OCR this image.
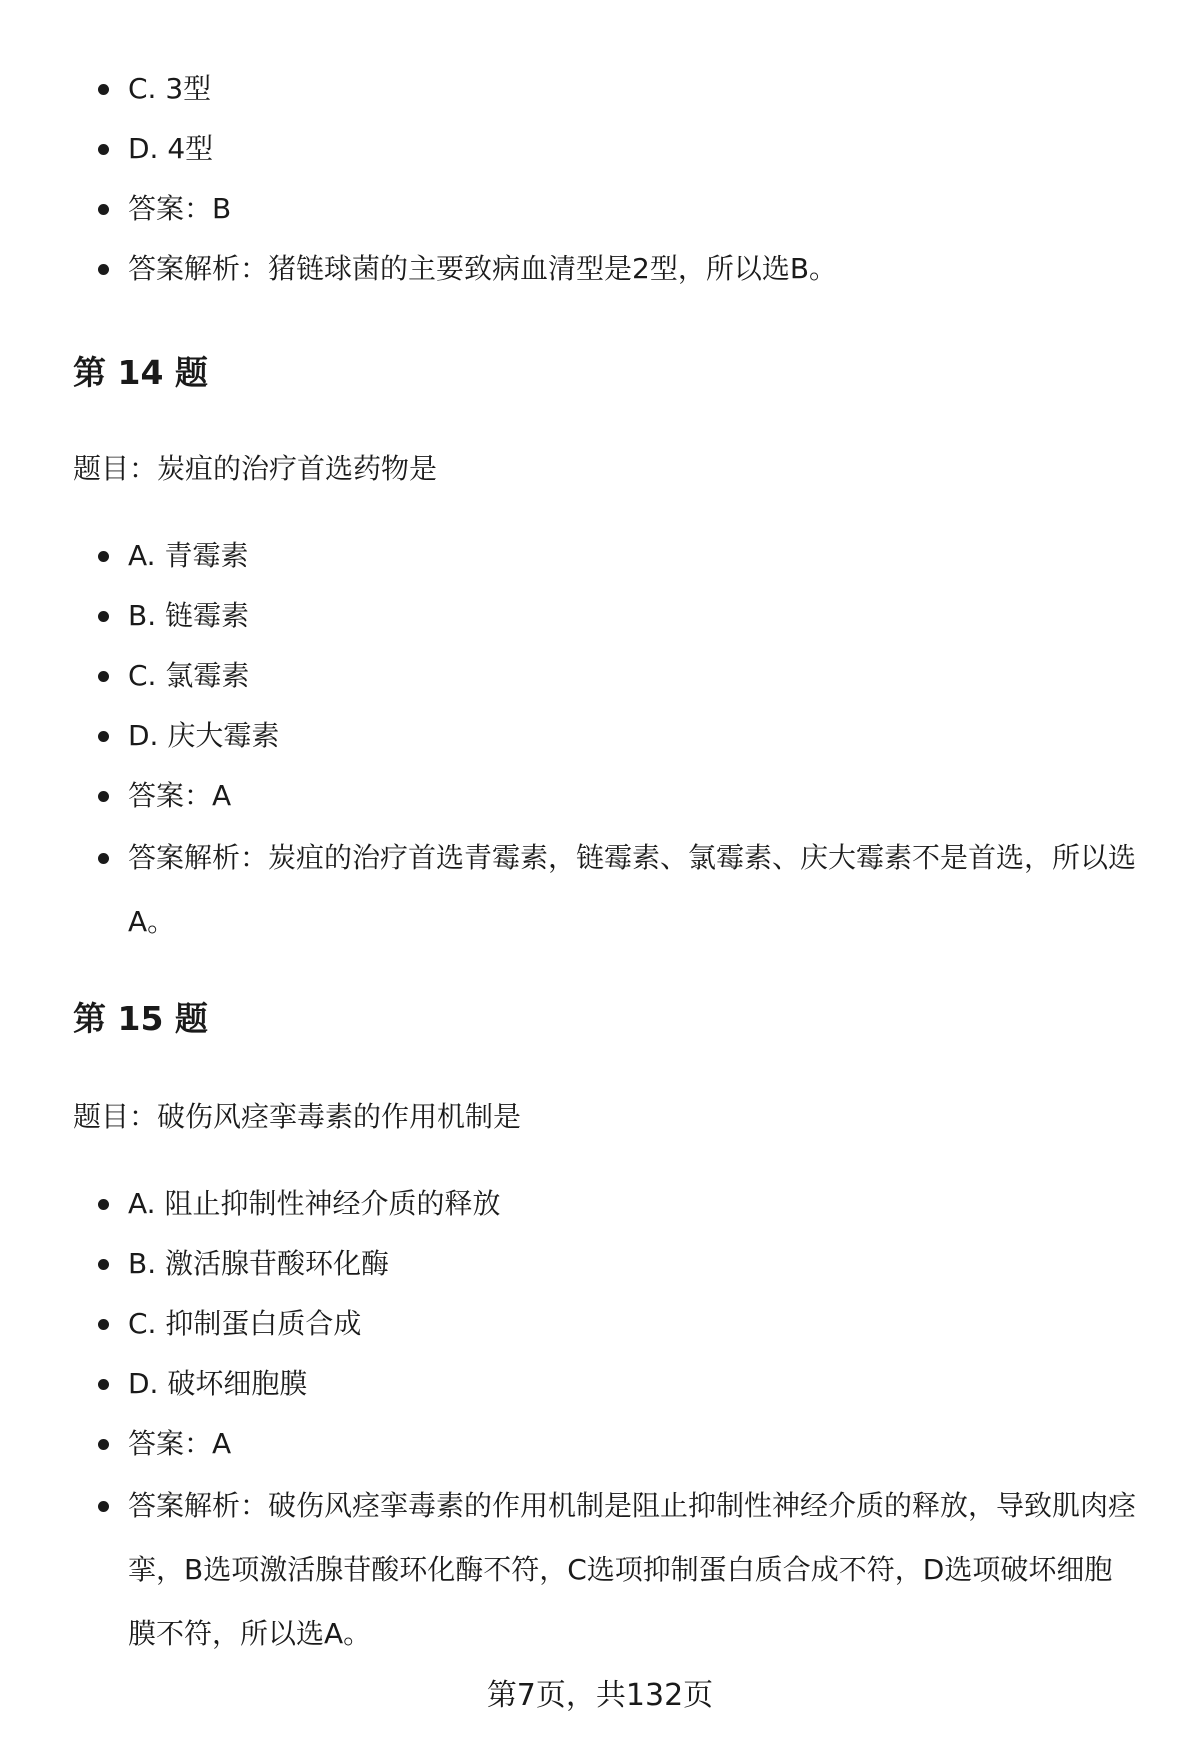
C. 3型
D. 4型
答案：B
答案解析：猪链球菌的主要致病血清型是2型，所以选B。
第 14 题

题目：炭疽的治疗首选药物是

A. 青霉素
B. 链霉素
C. 氯霉素
D. 庆大霉素
答案：A
答案解析：炭疽的治疗首选青霉素，链霉素、氯霉素、庆大霉素不是首选，所以选A。
第 15 题

题目：破伤风痉挛毒素的作用机制是

A. 阻止抑制性神经介质的释放
B. 激活腺苷酸环化酶
C. 抑制蛋白质合成
D. 破坏细胞膜
答案：A
答案解析：破伤风痉挛毒素的作用机制是阻止抑制性神经介质的释放，导致肌肉痉挛，B选项激活腺苷酸环化酶不符，C选项抑制蛋白质合成不符，D选项破坏细胞膜不符，所以选A。
第7页，共132页
